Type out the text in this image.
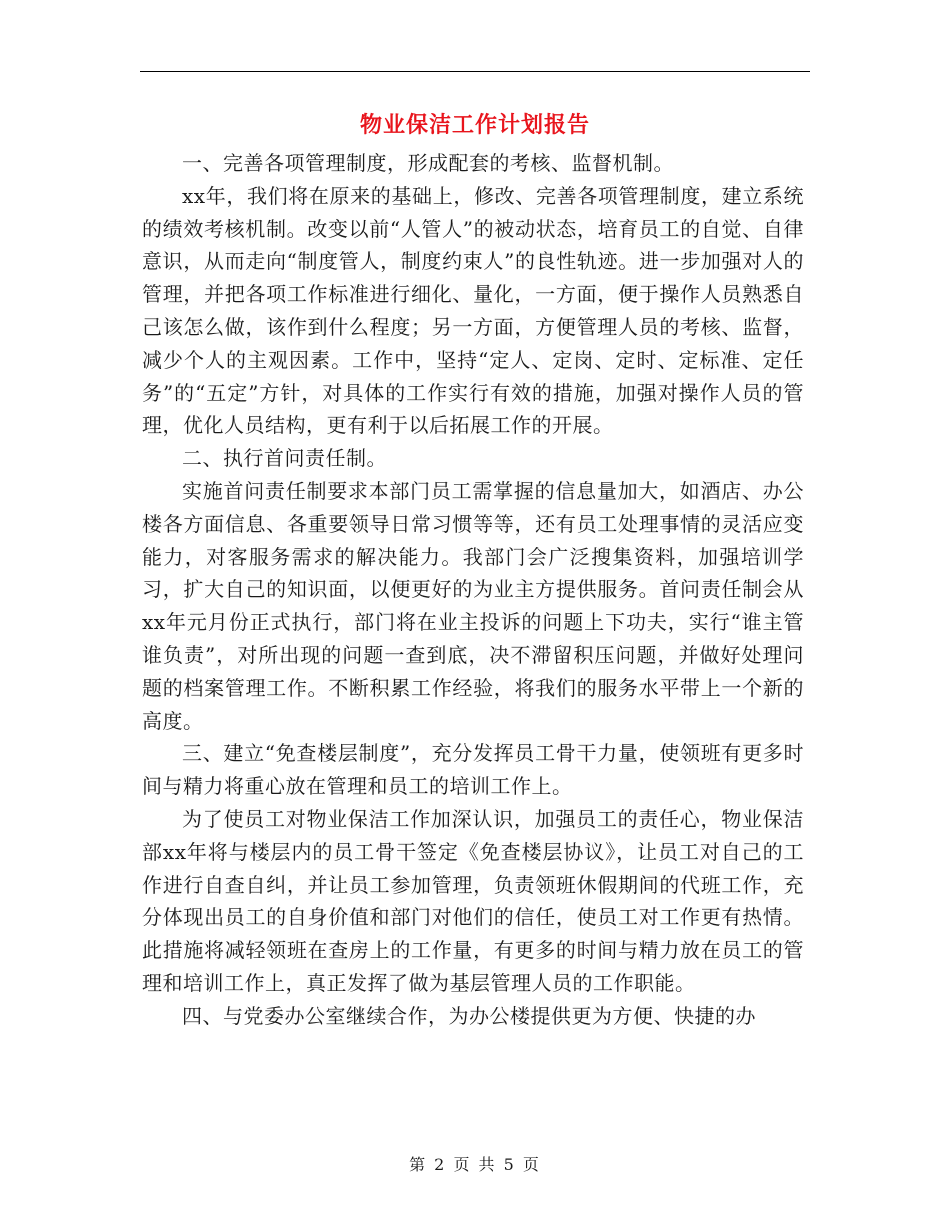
物业保洁工作计划报告

一、完善各项管理制度，形成配套的考核、监督机制。

xx年，我们将在原来的基础上，修改、完善各项管理制度，建立系统的绩效考核机制。改变以前“人管人”的被动状态，培育员工的自觉、自律意识，从而走向“制度管人，制度约束人”的良性轨迹。进一步加强对人的管理，并把各项工作标准进行细化、量化，一方面，便于操作人员熟悉自己该怎么做，该作到什么程度；另一方面，方便管理人员的考核、监督，减少个人的主观因素。工作中，坚持“定人、定岗、定时、定标准、定任务”的“五定”方针，对具体的工作实行有效的措施，加强对操作人员的管理，优化人员结构，更有利于以后拓展工作的开展。

二、执行首问责任制。

实施首问责任制要求本部门员工需掌握的信息量加大，如酒店、办公楼各方面信息、各重要领导日常习惯等等，还有员工处理事情的灵活应变能力，对客服务需求的解决能力。我部门会广泛搜集资料，加强培训学习，扩大自己的知识面，以便更好的为业主方提供服务。首问责任制会从xx年元月份正式执行，部门将在业主投诉的问题上下功夫，实行“谁主管谁负责”，对所出现的问题一查到底，决不滞留积压问题，并做好处理问题的档案管理工作。不断积累工作经验，将我们的服务水平带上一个新的高度。

三、建立“免查楼层制度”，充分发挥员工骨干力量，使领班有更多时间与精力将重心放在管理和员工的培训工作上。

为了使员工对物业保洁工作加深认识，加强员工的责任心，物业保洁部xx年将与楼层内的员工骨干签定《免查楼层协议》，让员工对自己的工作进行自查自纠，并让员工参加管理，负责领班休假期间的代班工作，充分体现出员工的自身价值和部门对他们的信任，使员工对工作更有热情。此措施将减轻领班在查房上的工作量，有更多的时间与精力放在员工的管理和培训工作上，真正发挥了做为基层管理人员的工作职能。

四、与党委办公室继续合作，为办公楼提供更为方便、快捷的办

第 2 页 共 5 页
